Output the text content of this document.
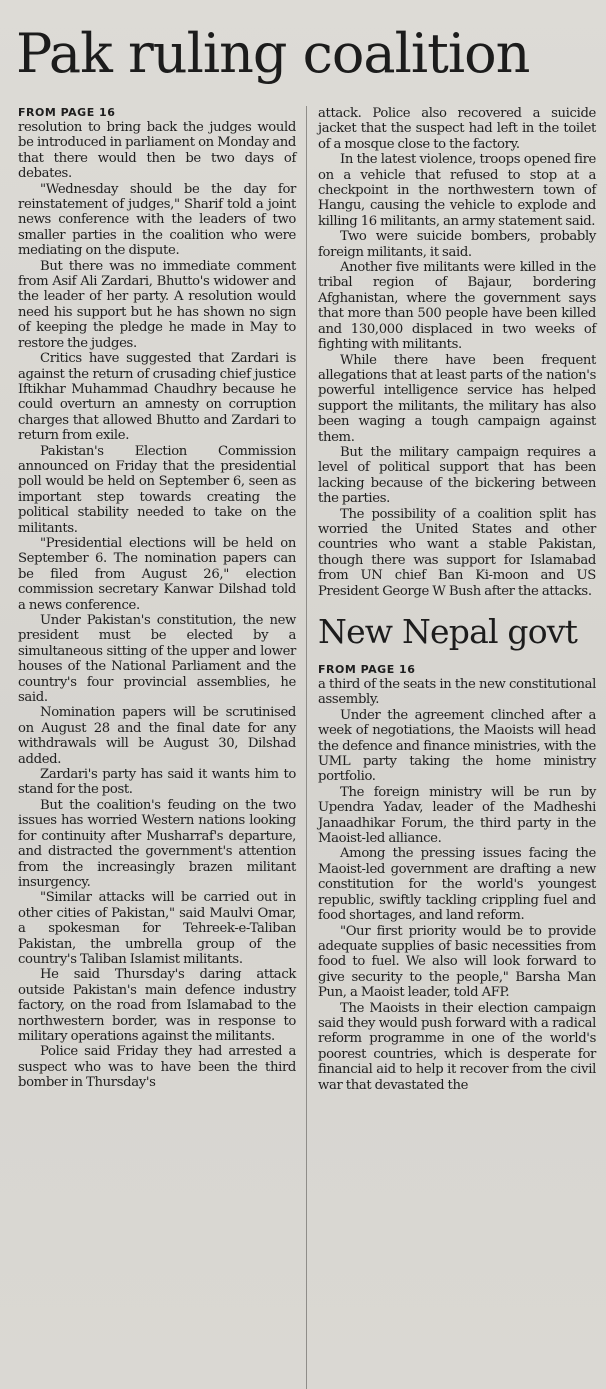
Pak ruling coalition
FROM PAGE 16

resolution to bring back the judges would be introduced in parliament on Monday and that there would then be two days of debates.

"Wednesday should be the day for reinstatement of judges," Sharif told a joint news conference with the leaders of two smaller parties in the coalition who were mediating on the dispute.

But there was no immediate comment from Asif Ali Zardari, Bhutto's widower and the leader of her party. A resolution would need his support but he has shown no sign of keeping the pledge he made in May to restore the judges.

Critics have suggested that Zardari is against the return of crusading chief justice Iftikhar Muhammad Chaudhry because he could overturn an amnesty on corruption charges that allowed Bhutto and Zardari to return from exile.

Pakistan's Election Commission announced on Friday that the presidential poll would be held on September 6, seen as important step towards creating the political stability needed to take on the militants.

"Presidential elections will be held on September 6. The nomination papers can be filed from August 26," election commission secretary Kanwar Dilshad told a news conference.

Under Pakistan's constitution, the new president must be elected by a simultaneous sitting of the upper and lower houses of the National Parliament and the country's four provincial assemblies, he said.

Nomination papers will be scrutinised on August 28 and the final date for any withdrawals will be August 30, Dilshad added.

Zardari's party has said it wants him to stand for the post.

But the coalition's feuding on the two issues has worried Western nations looking for continuity after Musharraf's departure, and distracted the government's attention from the increasingly brazen militant insurgency.

"Similar attacks will be carried out in other cities of Pakistan," said Maulvi Omar, a spokesman for Tehreek-e-Taliban Pakistan, the umbrella group of the country's Taliban Islamist militants.

He said Thursday's daring attack outside Pakistan's main defence industry factory, on the road from Islamabad to the northwestern border, was in response to military operations against the militants.

Police said Friday they had arrested a suspect who was to have been the third bomber in Thursday's

attack. Police also recovered a suicide jacket that the suspect had left in the toilet of a mosque close to the factory.

In the latest violence, troops opened fire on a vehicle that refused to stop at a checkpoint in the northwestern town of Hangu, causing the vehicle to explode and killing 16 militants, an army statement said.

Two were suicide bombers, probably foreign militants, it said.

Another five militants were killed in the tribal region of Bajaur, bordering Afghanistan, where the government says that more than 500 people have been killed and 130,000 displaced in two weeks of fighting with militants.

While there have been frequent allegations that at least parts of the nation's powerful intelligence service has helped support the militants, the military has also been waging a tough campaign against them.

But the military campaign requires a level of political support that has been lacking because of the bickering between the parties.

The possibility of a coalition split has worried the United States and other countries who want a stable Pakistan, though there was support for Islamabad from UN chief Ban Ki-moon and US President George W Bush after the attacks.

New Nepal govt
FROM PAGE 16

a third of the seats in the new constitutional assembly.

Under the agreement clinched after a week of negotiations, the Maoists will head the defence and finance ministries, with the UML party taking the home ministry portfolio.

The foreign ministry will be run by Upendra Yadav, leader of the Madheshi Janaadhikar Forum, the third party in the Maoist-led alliance.

Among the pressing issues facing the Maoist-led government are drafting a new constitution for the world's youngest republic, swiftly tackling crippling fuel and food shortages, and land reform.

"Our first priority would be to provide adequate supplies of basic necessities from food to fuel. We also will look forward to give security to the people," Barsha Man Pun, a Maoist leader, told AFP.

The Maoists in their election campaign said they would push forward with a radical reform programme in one of the world's poorest countries, which is desperate for financial aid to help it recover from the civil war that devastated the
